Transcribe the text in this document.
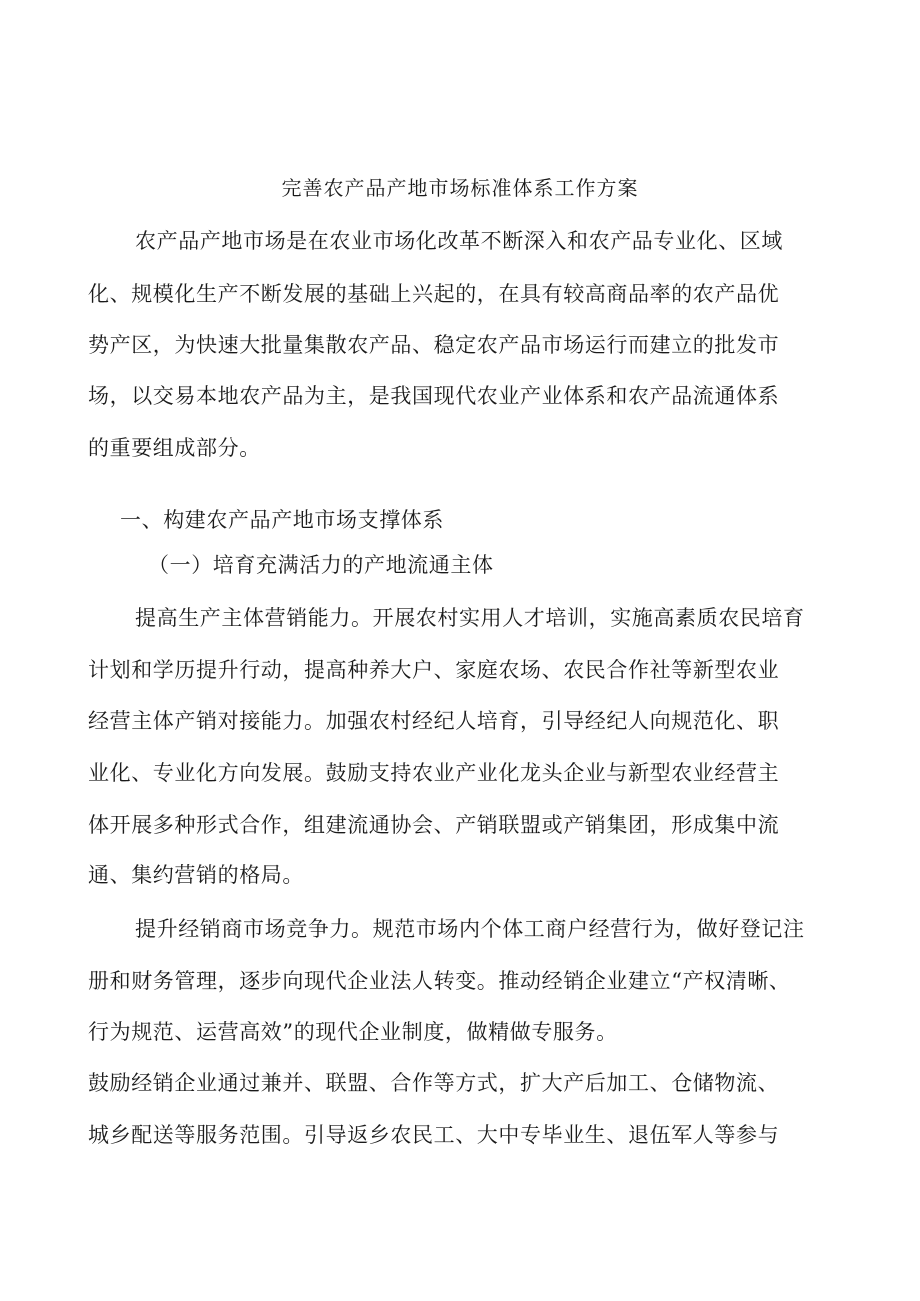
完善农产品产地市场标准体系工作方案

农产品产地市场是在农业市场化改革不断深入和农产品专业化、区域

化、规模化生产不断发展的基础上兴起的，在具有较高商品率的农产品优

势产区，为快速大批量集散农产品、稳定农产品市场运行而建立的批发市

场，以交易本地农产品为主，是我国现代农业产业体系和农产品流通体系

的重要组成部分。

一、构建农产品产地市场支撑体系

（一）培育充满活力的产地流通主体

提高生产主体营销能力。开展农村实用人才培训，实施高素质农民培育

计划和学历提升行动，提高种养大户、家庭农场、农民合作社等新型农业

经营主体产销对接能力。加强农村经纪人培育，引导经纪人向规范化、职

业化、专业化方向发展。鼓励支持农业产业化龙头企业与新型农业经营主

体开展多种形式合作，组建流通协会、产销联盟或产销集团，形成集中流

通、集约营销的格局。

提升经销商市场竞争力。规范市场内个体工商户经营行为，做好登记注

册和财务管理，逐步向现代企业法人转变。推动经销企业建立“产权清晰、

行为规范、运营高效”的现代企业制度，做精做专服务。

鼓励经销企业通过兼并、联盟、合作等方式，扩大产后加工、仓储物流、

城乡配送等服务范围。引导返乡农民工、大中专毕业生、退伍军人等参与
